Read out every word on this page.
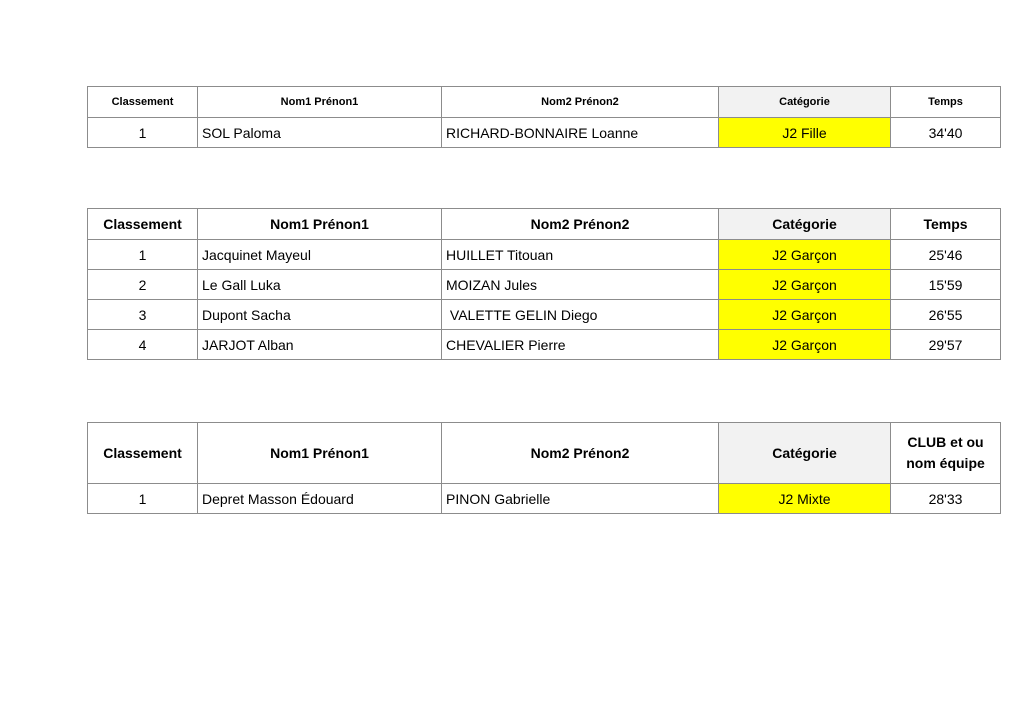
Classement	Nom1 Prénon1	Nom2 Prénon2	Catégorie	Temps
1	SOL Paloma	RICHARD-BONNAIRE Loanne	J2 Fille	34'40
Classement	Nom1 Prénon1	Nom2 Prénon2	Catégorie	Temps
1	Jacquinet Mayeul	HUILLET Titouan	J2 Garçon	25'46
2	Le Gall Luka	MOIZAN Jules	J2 Garçon	15'59
3	Dupont Sacha	VALETTE GELIN Diego	J2 Garçon	26'55
4	JARJOT Alban	CHEVALIER Pierre	J2 Garçon	29'57
Classement	Nom1 Prénon1	Nom2 Prénon2	Catégorie	CLUB et ou nom équipe
1	Depret Masson Édouard	PINON Gabrielle	J2 Mixte	28'33
